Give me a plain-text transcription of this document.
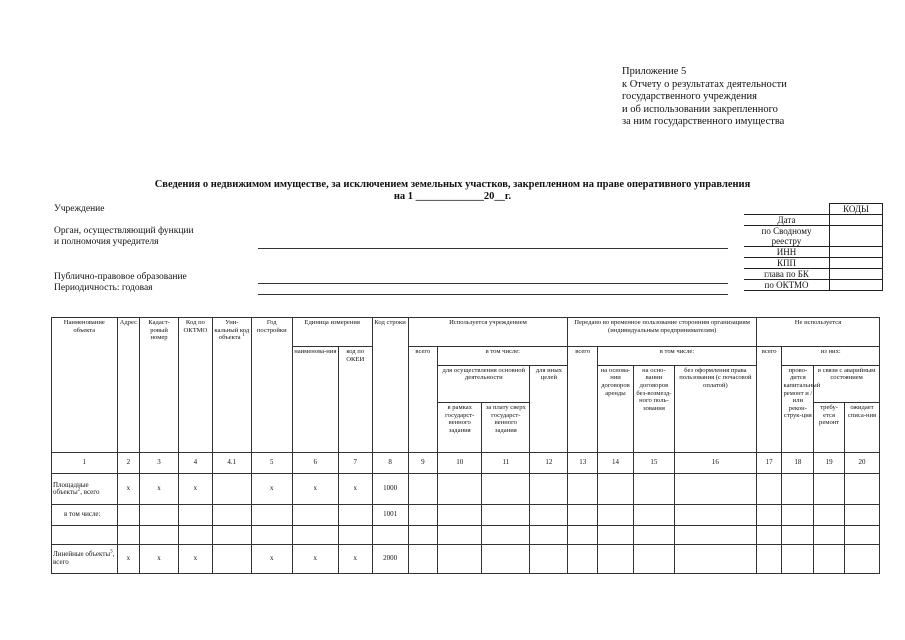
Приложение 5
к Отчету о результатах деятельности
государственного учреждения
и об использовании закрепленного
за ним государственного имущества
Сведения о недвижимом имуществе, за исключением земельных участков, закрепленном на праве оперативного управления
на 1 _____________20__г.
Учреждение
Орган, осуществляющий функции
и полномочия учредителя
Публично-правовое образование
Периодичность: годовая
	КОДЫ
Дата	
по Сводному	
реестру	
ИНН	
КПП	
глава по БК	
по ОКТМО	
Наименование объекта	Адрес	Кадаст-ровый номер	Код по ОКТМО	Уни-кальный код объекта $^1$	Год постройки	Единица измерения		Код строки	Используется учреждением				Передано во временное пользование сторонним организациям (индивидуальным предпринимателям)				Не используется			
						наименова-ния	код по ОКЕИ		всего	в том числе:			всего	в том числе:			всего	из них:		
										для осуществления основной деятельности		для иных целей		на основа-нии договоров аренды	на осно-вании договоров без-возмезд-ного поль-зования	без оформления права пользования (с почасовой оплатой)		прово-дится капитальный ремонт и /или рекон-струк-ция	в связи с аварийным состоянием	
										в рамках государст-венного задания	за плату сверх государст-венного задания								требу-ется ремонт	ожидает списа-ния
1	2	3	4	4.1	5	6	7	8	9	10	11	12	13	14	15	16	17	18	19	20
Площадные объекты$^2$, всего	х	х	х		х	х	х	1000												
в том числе:								1001												

Линейные объекты$^3$, всего	х	х	х		х	х	х	2000												
